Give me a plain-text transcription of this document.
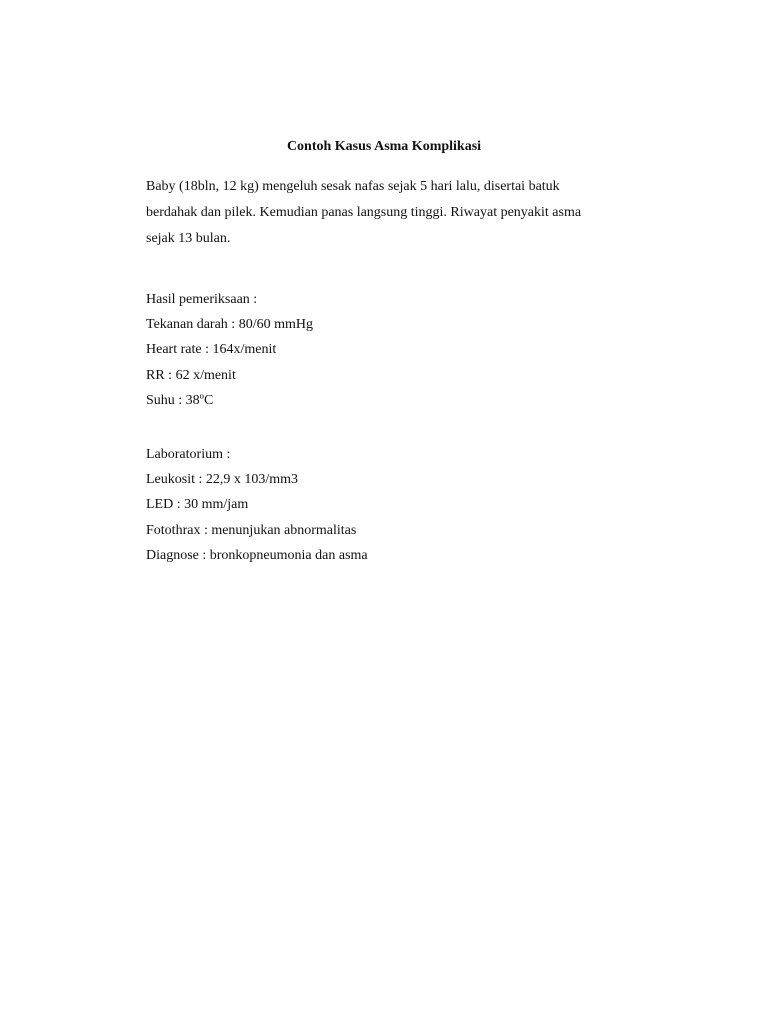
Contoh Kasus Asma Komplikasi

Baby (18bln, 12 kg) mengeluh sesak nafas sejak 5 hari lalu, disertai batuk
berdahak dan pilek. Kemudian panas langsung tinggi. Riwayat penyakit asma
sejak 13 bulan.

Hasil pemeriksaan :
Tekanan darah : 80/60 mmHg
Heart rate : 164x/menit
RR : 62 x/menit
Suhu : 38ºC
Laboratorium :
Leukosit : 22,9 x 103/mm3
LED : 30 mm/jam
Fotothrax : menunjukan abnormalitas
Diagnose : bronkopneumonia dan asma
